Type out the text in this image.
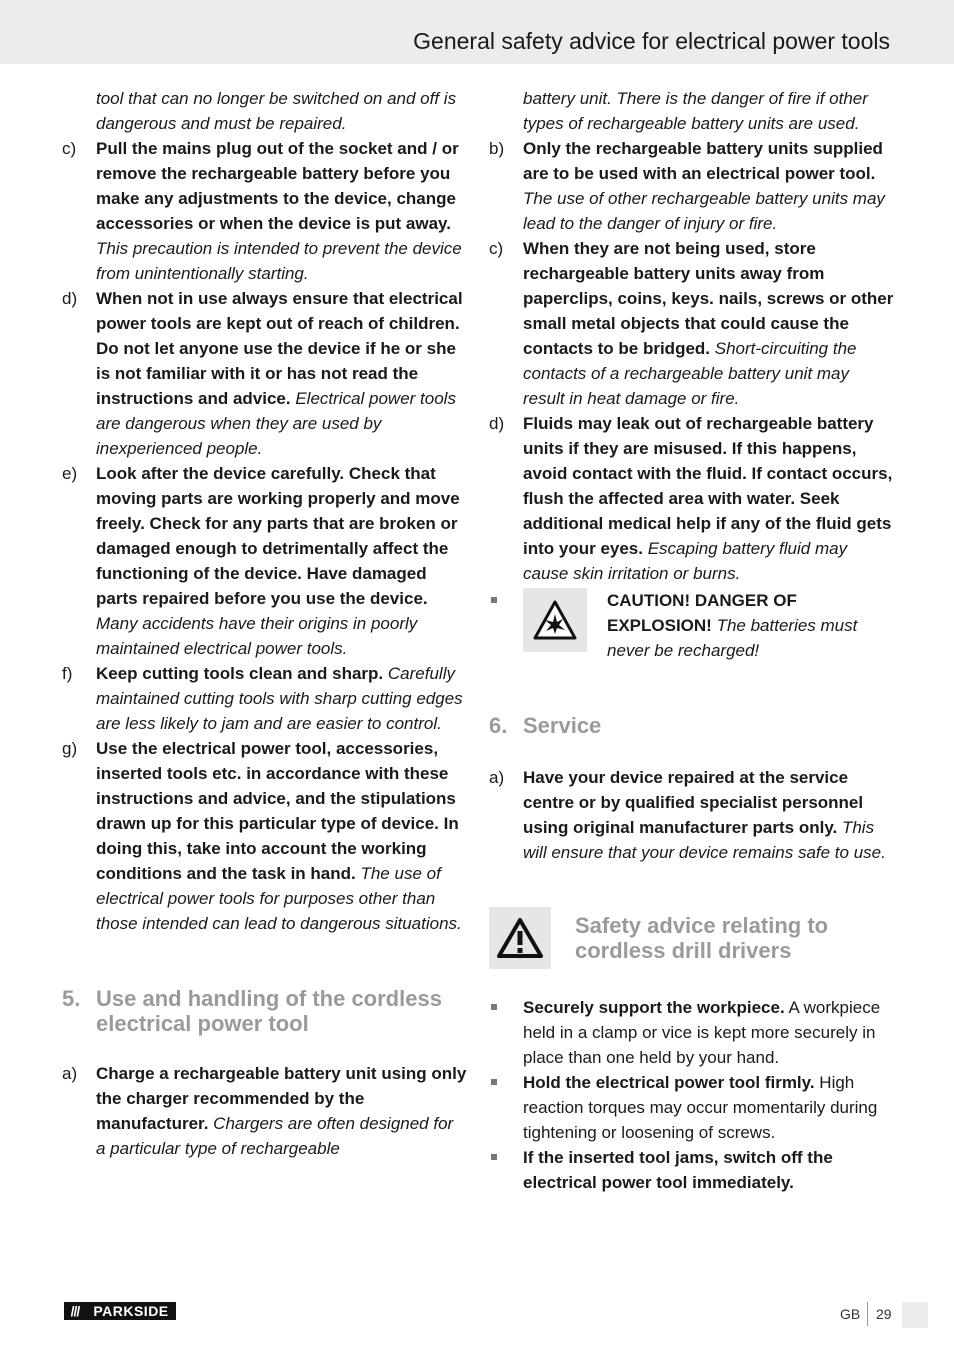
General safety advice for electrical power tools

tool that can no longer be switched on and off is dangerous and must be repaired.

c)	Pull the mains plug out of the socket and / or remove the rechargeable battery before you make any adjustments to the device, change accessories or when the device is put away. This precaution is intended to prevent the device from unintentionally starting.
d)	When not in use always ensure that electrical power tools are kept out of reach of children. Do not let anyone use the device if he or she is not familiar with it or has not read the instructions and advice. Electrical power tools are dangerous when they are used by inexperienced people.
e)	Look after the device carefully. Check that moving parts are working properly and move freely. Check for any parts that are broken or damaged enough to detrimentally affect the functioning of the device. Have damaged parts repaired before you use the device. Many accidents have their origins in poorly maintained electrical power tools.
f)	Keep cutting tools clean and sharp. Carefully maintained cutting tools with sharp cutting edges are less likely to jam and are easier to control.
g)	Use the electrical power tool, accessories, inserted tools etc. in accordance with these instructions and advice, and the stipulations drawn up for this particular type of device. In doing this, take into account the working conditions and the task in hand. The use of electrical power tools for purposes other than those intended can lead to dangerous situations.
5. Use and handling of the cordless electrical power tool
a)	Charge a rechargeable battery unit using only the charger recommended by the manufacturer. Chargers are often designed for a particular type of rechargeable

battery unit. There is the danger of fire if other types of rechargeable battery units are used.

b)	Only the rechargeable battery units supplied are to be used with an electrical power tool. The use of other rechargeable battery units may lead to the danger of injury or fire.
c)	When they are not being used, store rechargeable battery units away from paperclips, coins, keys. nails, screws or other small metal objects that could cause the contacts to be bridged. Short-circuiting the contacts of a rechargeable battery unit may result in heat damage or fire.
d)	Fluids may leak out of rechargeable battery units if they are misused. If this happens, avoid contact with the fluid. If contact occurs, flush the affected area with water. Seek additional medical help if any of the fluid gets into your eyes. Escaping battery fluid may cause skin irritation or burns.
CAUTION! DANGER OF EXPLOSION! The batteries must never be recharged!
6. Service
a)	Have your device repaired at the service centre or by qualified specialist personnel using original manufacturer parts only. This will ensure that your device remains safe to use.
Safety advice relating to cordless drill drivers
Securely support the workpiece. A workpiece held in a clamp or vice is kept more securely in place than one held by your hand.
Hold the electrical power tool firmly. High reaction torques may occur momentarily during tightening or loosening of screws.
If the inserted tool jams, switch off the electrical power tool immediately.
///	PARKSIDE	GB 29
